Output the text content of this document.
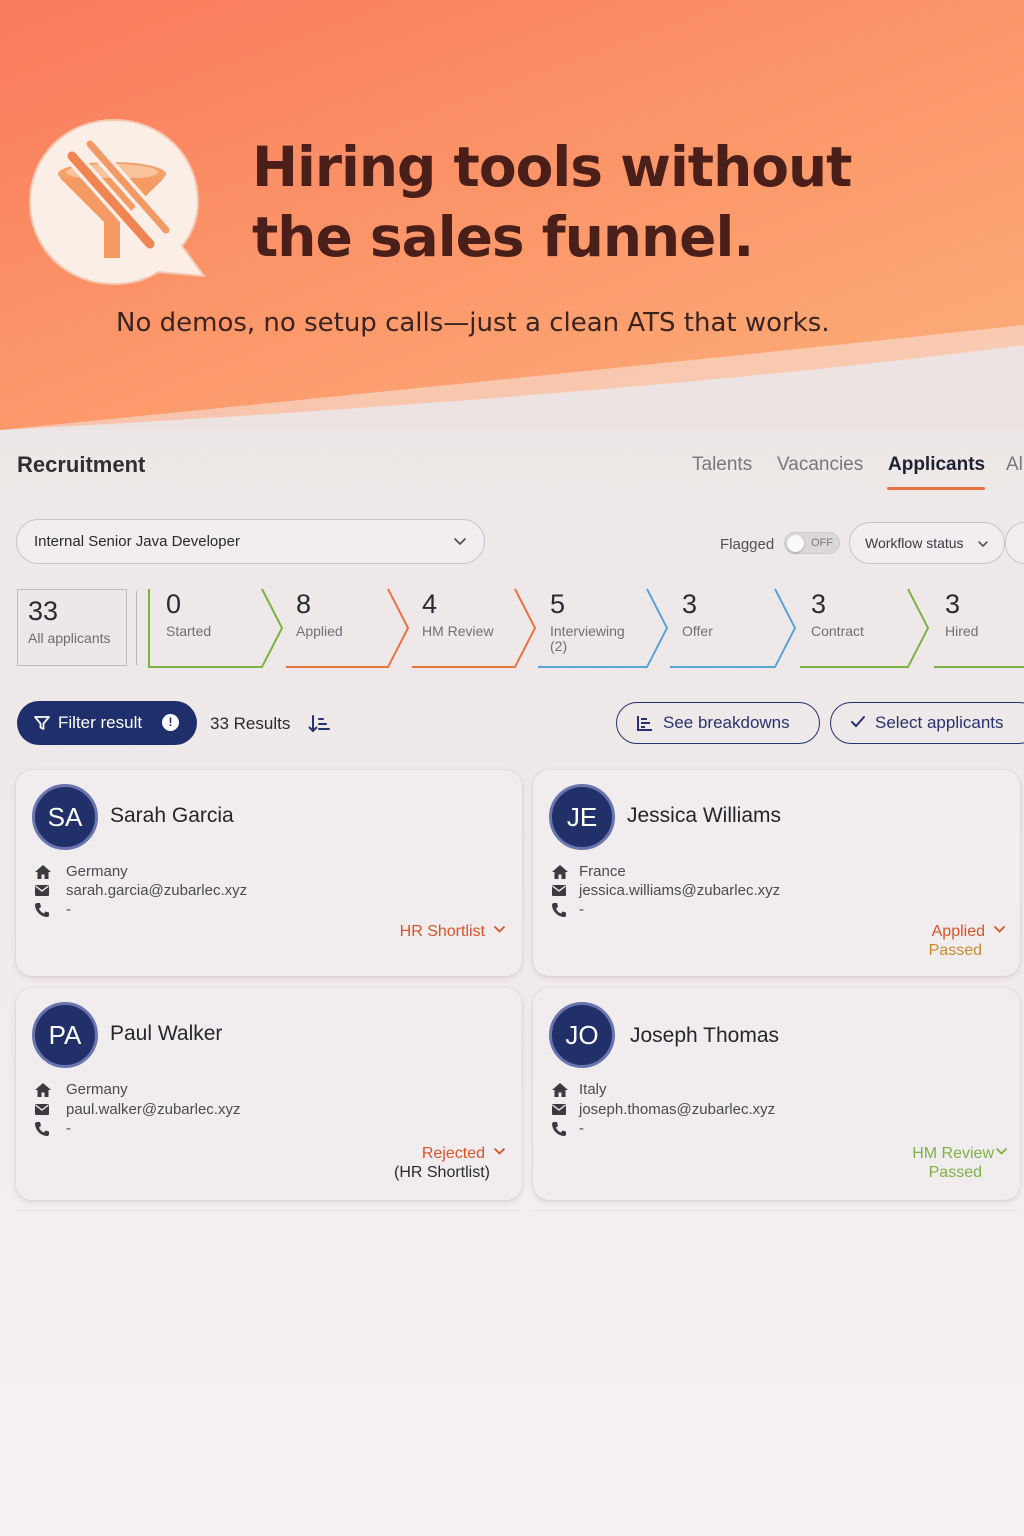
Hiring tools without
the sales funnel.
No demos, no setup calls—just a clean ATS that works.
Recruitment	Talents Vacancies Applicants Al
Internal Senior Java Developer	Flagged	OFF	Workflow status
33
All applicants
0
Started
8
Applied
4
HM Review
5
Interviewing
(2)
3
Offer
3
Contract
3
Hired
Filter result	!	33 Results	See breakdowns	Select applicants
SA	Sarah Garcia
Germany
sarah.garcia@zubarlec.xyz
-
HR Shortlist
JE	Jessica Williams
France
jessica.williams@zubarlec.xyz
-
Applied
Passed
PA	Paul Walker
Germany
paul.walker@zubarlec.xyz
-
Rejected
(HR Shortlist)
JO	Joseph Thomas
Italy
joseph.thomas@zubarlec.xyz
-
HM Review
Passed
